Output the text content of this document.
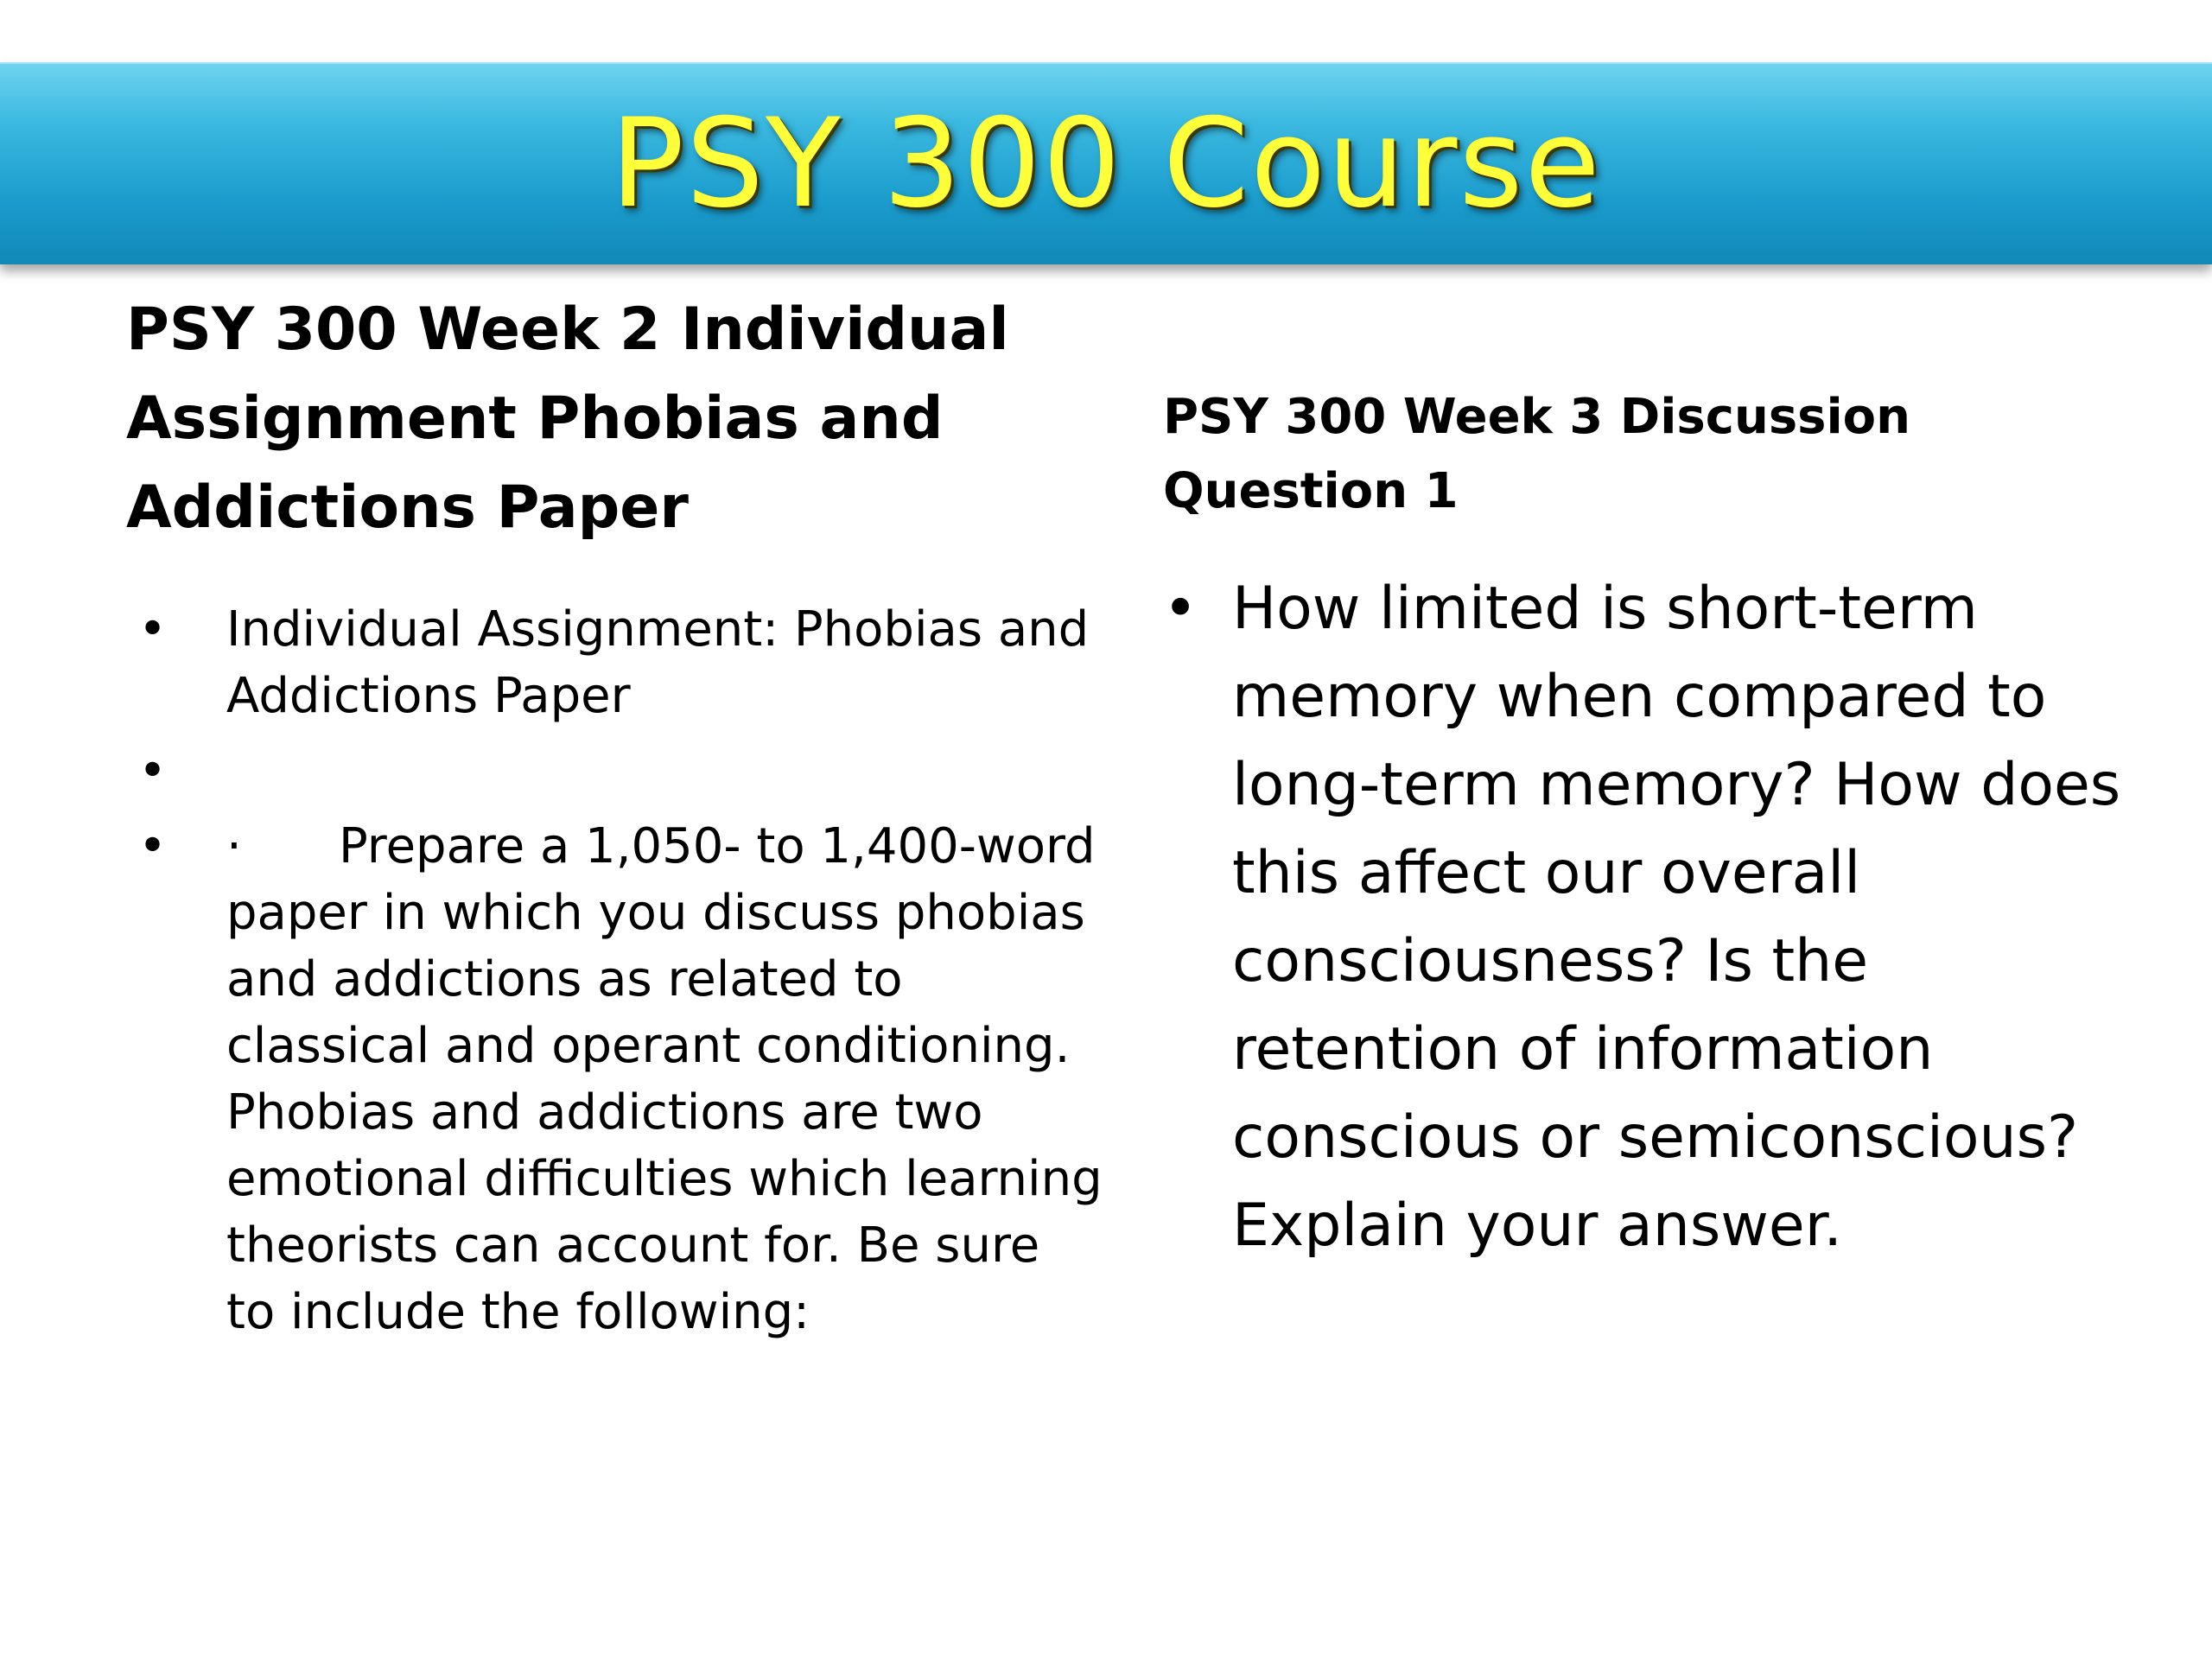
PSY 300 Course
PSY 300 Week 2 Individual Assignment Phobias and Addictions Paper
• Individual Assignment: Phobias and Addictions Paper
•
• · Prepare a 1,050- to 1,400-word paper in which you discuss phobias and addictions as related to classical and operant conditioning. Phobias and addictions are two emotional difficulties which learning theorists can account for. Be sure to include the following:
PSY 300 Week 3 Discussion Question 1
• How limited is short-term memory when compared to long-term memory? How does this affect our overall consciousness? Is the retention of information conscious or semiconscious? Explain your answer.
